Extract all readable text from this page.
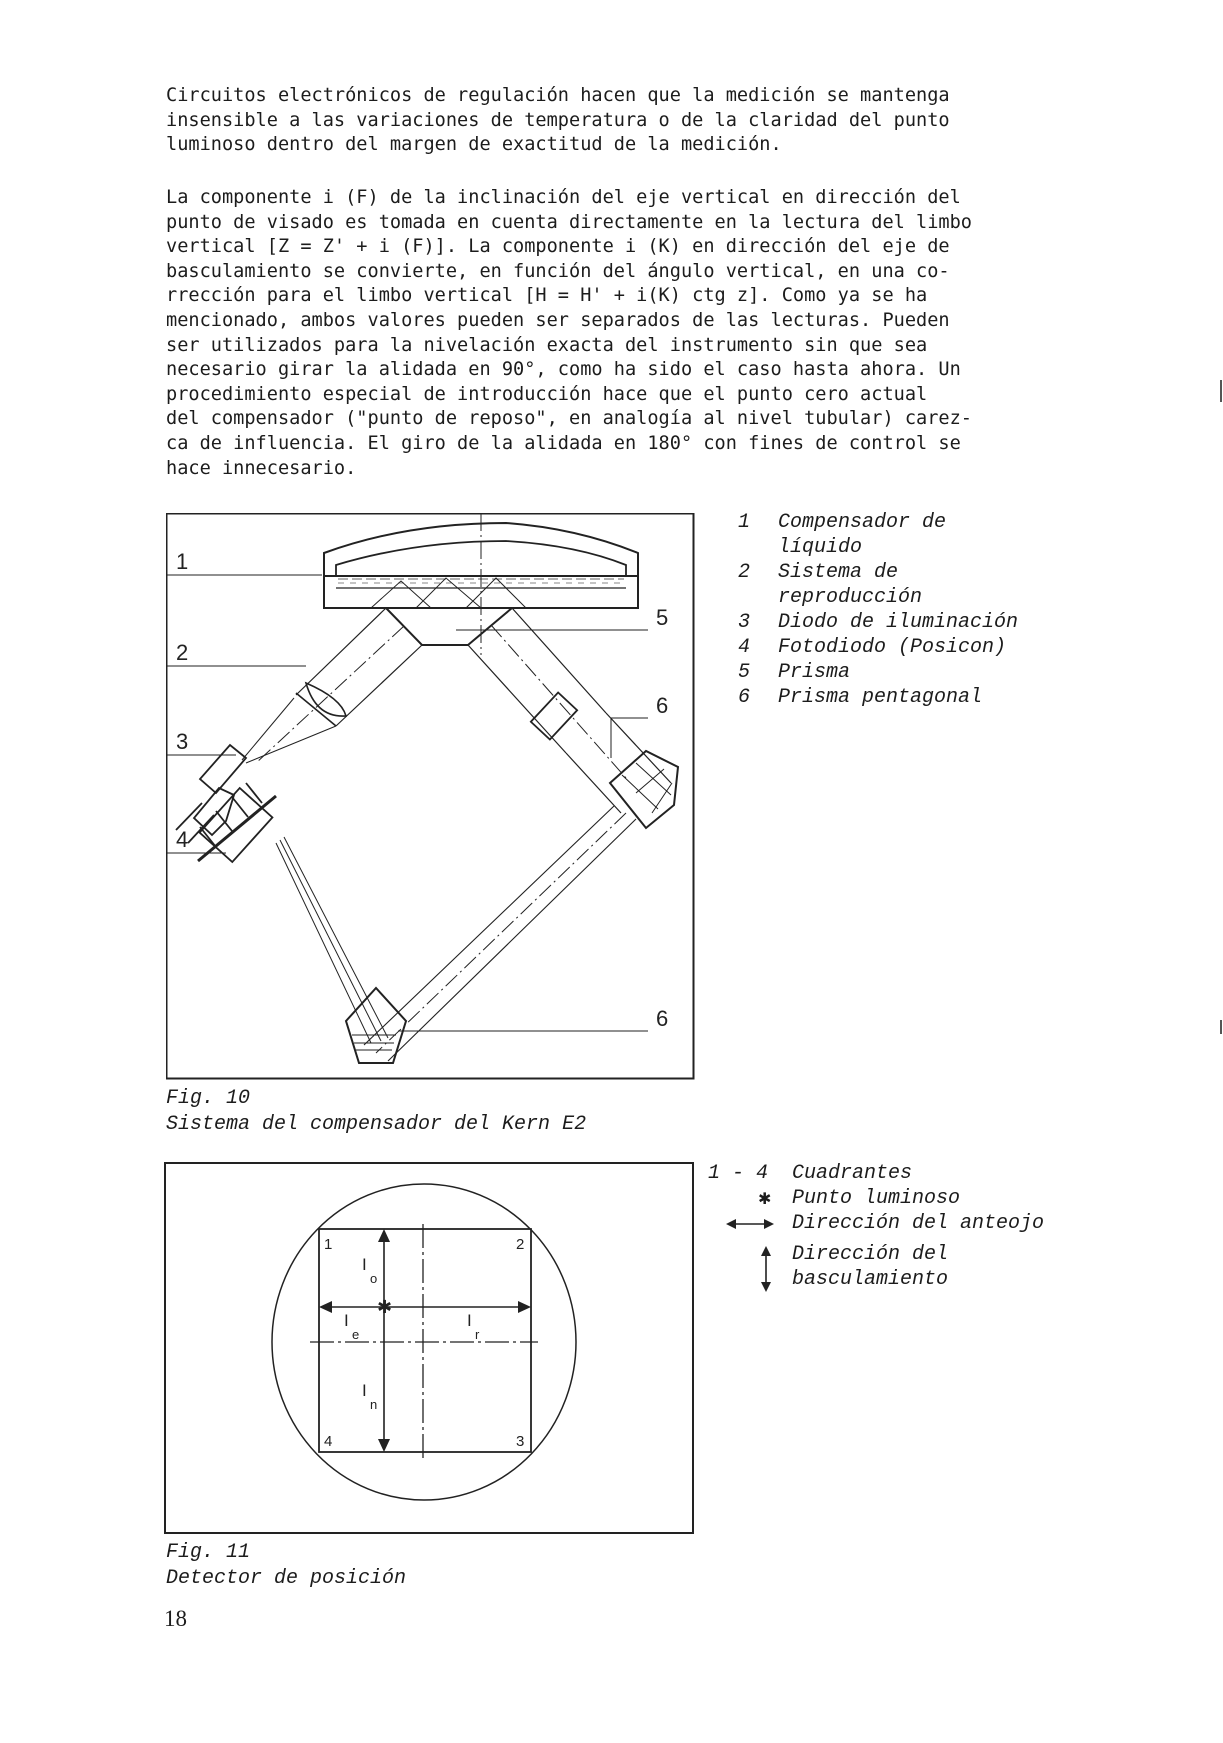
Circuitos electrónicos de regulación hacen que la medición se mantenga
insensible a las variaciones de temperatura o de la claridad del punto
luminoso dentro del margen de exactitud de la medición.
La componente i (F) de la inclinación del eje vertical en dirección del
punto de visado es tomada en cuenta directamente en la lectura del limbo
vertical [Z = Z' + i (F)]. La componente i (K) en dirección del eje de
basculamiento se convierte, en función del ángulo vertical, en una co-
rrección para el limbo vertical [H = H' + i(K) ctg z]. Como ya se ha
mencionado, ambos valores pueden ser separados de las lecturas. Pueden
ser utilizados para la nivelación exacta del instrumento sin que sea
necesario girar la alidada en 90°, como ha sido el caso hasta ahora. Un
procedimiento especial de introducción hace que el punto cero actual
del compensador ("punto de reposo", en analogía al nivel tubular) carez-
ca de influencia. El giro de la alidada en 180° con fines de control se
hace innecesario.
1
2
3
4
5
6
6
1	Compensador de
líquido
2	Sistema de
reproducción
3	Diodo de iluminación
4	Fotodiodo (Posicon)
5	Prisma
6	Prisma pentagonal
Fig. 10
Sistema del compensador del Kern E2
✱
1	2
3
4
I
o
I
e
I
r
I
n
1 - 4	Cuadrantes
✱ Punto luminoso
Dirección del anteojo
Dirección del
basculamiento
Fig. 11
Detector de posición
18
